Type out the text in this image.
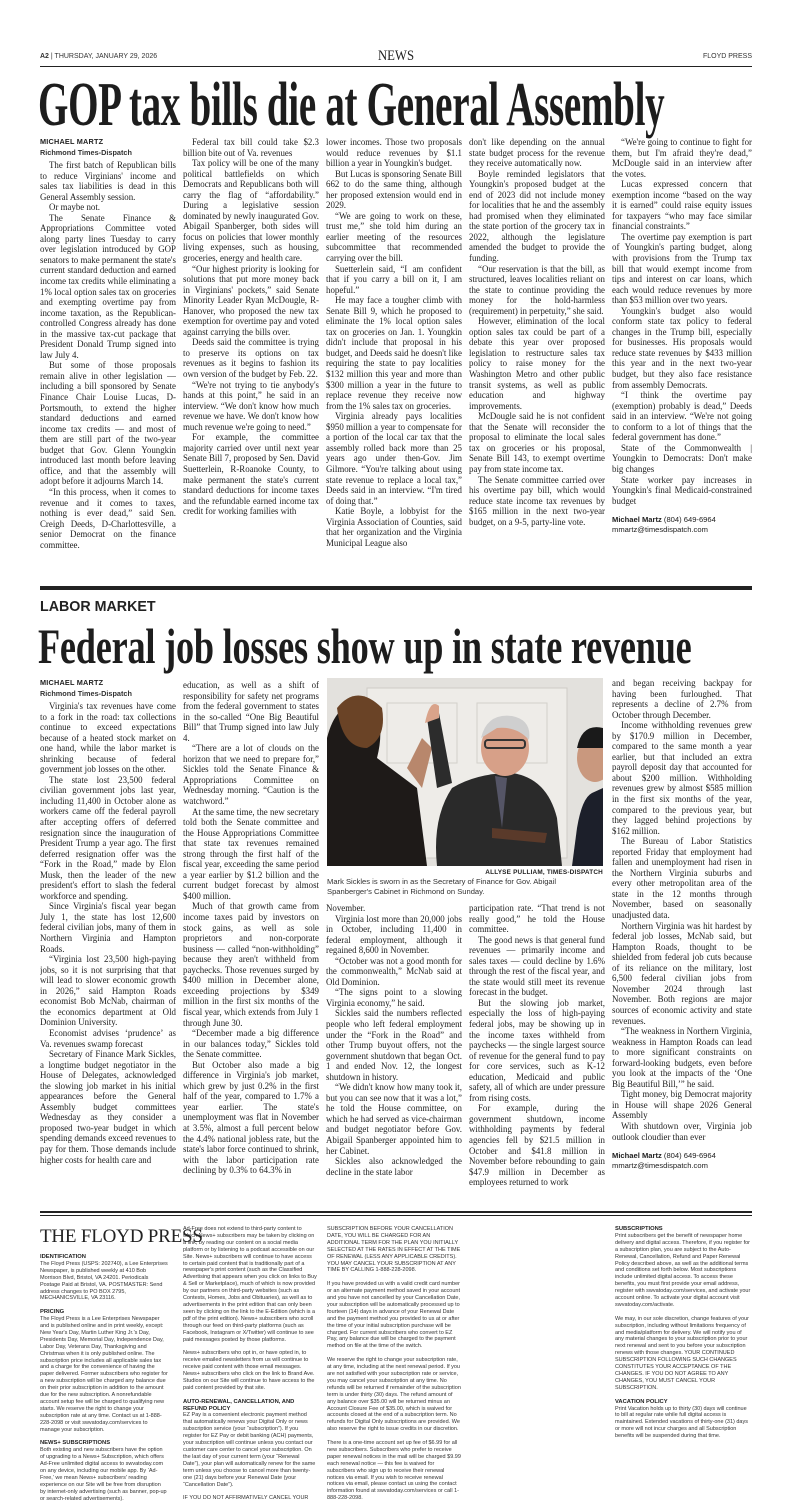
A2 | THURSDAY, JANUARY 29, 2026	NEWS	FLOYD PRESS
GOP tax bills die at General Assembly
MICHAEL MARTZ
Richmond Times-Dispatch

The first batch of Republican bills to reduce Virginians' income and sales tax liabilities is dead in this General Assembly session.

Or maybe not.

The Senate Finance & Appropriations Committee voted along party lines Tuesday to carry over legislation introduced by GOP senators to make permanent the state's current standard deduction and earned income tax credits while eliminating a 1% local option sales tax on groceries and exempting overtime pay from income taxation, as the Republican-controlled Congress already has done in the massive tax-cut package that President Donald Trump signed into law July 4.

But some of those proposals remain alive in other legislation — including a bill sponsored by Senate Finance Chair Louise Lucas, D-Portsmouth, to extend the higher standard deductions and earned income tax credits — and most of them are still part of the two-year budget that Gov. Glenn Youngkin introduced last month before leaving office, and that the assembly will adopt before it adjourns March 14.

“In this process, when it comes to revenue and it comes to taxes, nothing is ever dead,” said Sen. Creigh Deeds, D-Charlottesville, a senior Democrat on the finance committee.

Federal tax bill could take $2.3 billion bite out of Va. revenues

Tax policy will be one of the many political battlefields on which Democrats and Republicans both will carry the flag of “affordability.” During a legislative session dominated by newly inaugurated Gov. Abigail Spanberger, both sides will focus on policies that lower monthly living expenses, such as housing, groceries, energy and health care.

“Our highest priority is looking for solutions that put more money back in Virginians' pockets,” said Senate Minority Leader Ryan McDougle, R-Hanover, who proposed the new tax exemption for overtime pay and voted against carrying the bills over.

Deeds said the committee is trying to preserve its options on tax revenues as it begins to fashion its own version of the budget by Feb. 22.

“We're not trying to tie anybody's hands at this point,” he said in an interview. “We don't know how much revenue we have. We don't know how much revenue we're going to need.”

For example, the committee majority carried over until next year Senate Bill 7, proposed by Sen. David Suetterlein, R-Roanoke County, to make permanent the state's current standard deductions for income taxes and the refundable earned income tax credit for working families with

lower incomes. Those two proposals would reduce revenues by $1.1 billion a year in Youngkin's budget.

But Lucas is sponsoring Senate Bill 662 to do the same thing, although her proposed extension would end in 2029.

“We are going to work on these, trust me,” she told him during an earlier meeting of the resources subcommittee that recommended carrying over the bill.

Suetterlein said, “I am confident that if you carry a bill on it, I am hopeful.”

He may face a tougher climb with Senate Bill 9, which he proposed to eliminate the 1% local option sales tax on groceries on Jan. 1. Youngkin didn't include that proposal in his budget, and Deeds said he doesn't like requiring the state to pay localities $132 million this year and more than $300 million a year in the future to replace revenue they receive now from the 1% sales tax on groceries.

Virginia already pays localities $950 million a year to compensate for a portion of the local car tax that the assembly rolled back more than 25 years ago under then-Gov. Jim Gilmore. “You're talking about using state revenue to replace a local tax,” Deeds said in an interview. “I'm tired of doing that.”

Katie Boyle, a lobbyist for the Virginia Association of Counties, said that her organization and the Virginia Municipal League also

don't like depending on the annual state budget process for the revenue they receive automatically now.

Boyle reminded legislators that Youngkin's proposed budget at the end of 2023 did not include money for localities that he and the assembly had promised when they eliminated the state portion of the grocery tax in 2022, although the legislature amended the budget to provide the funding.

“Our reservation is that the bill, as structured, leaves localities reliant on the state to continue providing the money for the hold-harmless (requirement) in perpetuity,” she said.

However, elimination of the local option sales tax could be part of a debate this year over proposed legislation to restructure sales tax policy to raise money for the Washington Metro and other public transit systems, as well as public education and highway improvements.

McDougle said he is not confident that the Senate will reconsider the proposal to eliminate the local sales tax on groceries or his proposal, Senate Bill 143, to exempt overtime pay from state income tax.

The Senate committee carried over his overtime pay bill, which would reduce state income tax revenues by $165 million in the next two-year budget, on a 9-5, party-line vote.

“We're going to continue to fight for them, but I'm afraid they're dead,” McDougle said in an interview after the votes.

Lucas expressed concern that exemption income “based on the way it is earned” could raise equity issues for taxpayers “who may face similar financial constraints.”

The overtime pay exemption is part of Youngkin's parting budget, along with provisions from the Trump tax bill that would exempt income from tips and interest on car loans, which each would reduce revenues by more than $53 million over two years.

Youngkin's budget also would conform state tax policy to federal changes in the Trump bill, especially for businesses. His proposals would reduce state revenues by $433 million this year and in the next two-year budget, but they also face resistance from assembly Democrats.

“I think the overtime pay (exemption) probably is dead,” Deeds said in an interview. “We're not going to conform to a lot of things that the federal government has done.”

State of the Commonwealth | Youngkin to Democrats: Don't make big changes

State worker pay increases in Youngkin's final Medicaid-constrained budget

Michael Martz (804) 649-6964
mmartz@timesdispatch.com
LABOR MARKET
Federal job losses show up in state revenue
MICHAEL MARTZ
Richmond Times-Dispatch

Virginia's tax revenues have come to a fork in the road: tax collections continue to exceed expectations because of a heated stock market on one hand, while the labor market is shrinking because of federal government job losses on the other.

The state lost 23,500 federal civilian government jobs last year, including 11,400 in October alone as workers came off the federal payroll after accepting offers of deferred resignation since the inauguration of President Trump a year ago. The first deferred resignation offer was the “Fork in the Road,” made by Elon Musk, then the leader of the new president's effort to slash the federal workforce and spending.

Since Virginia's fiscal year began July 1, the state has lost 12,600 federal civilian jobs, many of them in Northern Virginia and Hampton Roads.

“Virginia lost 23,500 high-paying jobs, so it is not surprising that that will lead to slower economic growth in 2026,” said Hampton Roads economist Bob McNab, chairman of the economics department at Old Dominion University.

Economist advises ‘prudence’ as Va. revenues swamp forecast

Secretary of Finance Mark Sickles, a longtime budget negotiator in the House of Delegates, acknowledged the slowing job market in his initial appearances before the General Assembly budget committees Wednesday as they consider a proposed two-year budget in which spending demands exceed revenues to pay for them. Those demands include higher costs for health care and

education, as well as a shift of responsibility for safety net programs from the federal government to states in the so-called “One Big Beautiful Bill” that Trump signed into law July 4.

“There are a lot of clouds on the horizon that we need to prepare for,” Sickles told the Senate Finance & Appropriations Committee on Wednesday morning. “Caution is the watchword.”

At the same time, the new secretary told both the Senate committee and the House Appropriations Committee that state tax revenues remained strong through the first half of the fiscal year, exceeding the same period a year earlier by $1.2 billion and the current budget forecast by almost $400 million.

Much of that growth came from income taxes paid by investors on stock gains, as well as sole proprietors and non-corporate business — called “non-withholding” because they aren't withheld from paychecks. Those revenues surged by $400 million in December alone, exceeding projections by $349 million in the first six months of the fiscal year, which extends from July 1 through June 30.

“December made a big difference in our balances today,” Sickles told the Senate committee.

But October also made a big difference in Virginia's job market, which grew by just 0.2% in the first half of the year, compared to 1.7% a year earlier. The state's unemployment was flat in November at 3.5%, almost a full percent below the 4.4% national jobless rate, but the state's labor force continued to shrink, with the labor participation rate declining by 0.3% to 64.3% in

ALLYSE PULLIAM, TIMES-DISPATCH
Mark Sickles is sworn in as the Secretary of Finance for Gov. Abigail Spanberger's Cabinet in Richmond on Sunday.

November.

Virginia lost more than 20,000 jobs in October, including 11,400 in federal employment, although it regained 8,600 in November.

“October was not a good month for the commonwealth,” McNab said at Old Dominion.

“The signs point to a slowing Virginia economy,” he said.

Sickles said the numbers reflected people who left federal employment under the “Fork in the Road” and other Trump buyout offers, not the government shutdown that began Oct. 1 and ended Nov. 12, the longest shutdown in history.

“We didn't know how many took it, but you can see now that it was a lot,” he told the House committee, on which he had served as vice-chairman and budget negotiator before Gov. Abigail Spanberger appointed him to her Cabinet.

Sickles also acknowledged the decline in the state labor

participation rate. “That trend is not really good,” he told the House committee.

The good news is that general fund revenues — primarily income and sales taxes — could decline by 1.6% through the rest of the fiscal year, and the state would still meet its revenue forecast in the budget.

But the slowing job market, especially the loss of high-paying federal jobs, may be showing up in the income taxes withheld from paychecks — the single largest source of revenue for the general fund to pay for core services, such as K-12 education, Medicaid and public safety, all of which are under pressure from rising costs.

For example, during the government shutdown, income withholding payments by federal agencies fell by $21.5 million in October and $41.8 million in November before rebounding to gain $47.9 million in December as employees returned to work

and began receiving backpay for having been furloughed. That represents a decline of 2.7% from October through December.

Income withholding revenues grew by $170.9 million in December, compared to the same month a year earlier, but that included an extra payroll deposit day that accounted for about $200 million. Withholding revenues grew by almost $585 million in the first six months of the year, compared to the previous year, but they lagged behind projections by $162 million.

The Bureau of Labor Statistics reported Friday that employment had fallen and unemployment had risen in the Northern Virginia suburbs and every other metropolitan area of the state in the 12 months through November, based on seasonally unadjusted data.

Northern Virginia was hit hardest by federal job losses, McNab said, but Hampton Roads, thought to be shielded from federal job cuts because of its reliance on the military, lost 6,500 federal civilian jobs from November 2024 through last November. Both regions are major sources of economic activity and state revenues.

“The weakness in Northern Virginia, weakness in Hampton Roads can lead to more significant constraints on forward-looking budgets, even before you look at the impacts of the ‘One Big Beautiful Bill,’” he said.

Tight money, big Democrat majority in House will shape 2026 General Assembly

With shutdown over, Virginia job outlook cloudier than ever

Michael Martz (804) 649-6964
mmartz@timesdispatch.com
THE FLOYD PRESS
IDENTIFICATION

The Floyd Press (USPS: 202740), a Lee Enterprises Newspaper, is published weekly at 410 Bob Morrison Blvd, Bristol, VA 24201. Periodicals Postage Paid at Bristol, VA. POSTMASTER: Send address changes to PO BOX 2795, MECHANICSVILLE, VA 23116.

PRICING

The Floyd Press is a Lee Enterprises Newspaper and is published online and in print weekly, except: New Year's Day, Martin Luther King Jr.'s Day, Presidents Day, Memorial Day, Independence Day, Labor Day, Veterans Day, Thanksgiving and Christmas when it is only published online. The subscription price includes all applicable sales tax and a charge for the convenience of having the paper delivered. Former subscribers who register for a new subscription will be charged any balance due on their prior subscription in addition to the amount due for the new subscription. A nonrefundable account setup fee will be charged to qualifying new starts. We reserve the right to change your subscription rate at any time. Contact us at 1-888-228-2098 or visit swvatoday.com/services to manage your subscription.

NEWS+ SUBSCRIPTIONS

Both existing and new subscribers have the option of upgrading to a News+ Subscription, which offers Ad-Free unlimited digital access to swvatoday.com on any device, including our mobile app. By ‘Ad-Free,’ we mean News+ subscribers' reading experience on our Site will be free from disruption by internet-only advertising (such as banner, pop-up or search-related advertisements).

Ad-Free does not extend to third-party content to which News+ subscribers may be taken by clicking on a link, by reading our content on a social media platform or by listening to a podcast accessible on our Site. News+ subscribers will continue to have access to certain paid content that is traditionally part of a newspaper's print content (such as the Classified Advertising that appears when you click on links to Buy & Sell or Marketplace), much of which is now provided by our partners on third-party websites (such as Contests, Homes, Jobs and Obituaries), as well as to advertisements in the print edition that can only been seen by clicking on the link to the E-Edition (which is a pdf of the print edition). News+ subscribers who scroll through our feed on third-party platforms (such as Facebook, Instagram or X/Twitter) will continue to see paid messages posted by those platforms.

News+ subscribers who opt in, or have opted in, to receive emailed newsletters from us will continue to receive paid content with those email messages. News+ subscribers who click on the link to Brand Ave. Studios on our Site will continue to have access to the paid content provided by that site.

AUTO-RENEWAL, CANCELLATION, AND REFUND POLICY

EZ Pay is a convenient electronic payment method that automatically renews your Digital Only or news subscription service (your “subscription”). If you register for EZ Pay or debit banking (ACH) payments, your subscription will continue unless you contact our customer care center to cancel your subscription. On the last day of your current term (your “Renewal Date”), your plan will automatically renew for the same term unless you choose to cancel more than twenty-one (21) days before your Renewal Date (your “Cancellation Date”).

IF YOU DO NOT AFFIRMATIVELY CANCEL YOUR

SUBSCRIPTION BEFORE YOUR CANCELLATION DATE, YOU WILL BE CHARGED FOR AN ADDITIONAL TERM FOR THE PLAN YOU INITIALLY SELECTED AT THE RATES IN EFFECT AT THE TIME OF RENEWAL (LESS ANY APPLICABLE CREDITS). YOU MAY CANCEL YOUR SUBSCRIPTION AT ANY TIME BY CALLING 1-888-228-2098.

If you have provided us with a valid credit card number or an alternate payment method saved in your account and you have not cancelled by your Cancellation Date, your subscription will be automatically processed up to fourteen (14) days in advance of your Renewal Date and the payment method you provided to us at or after the time of your initial subscription purchase will be charged. For current subscribers who convert to EZ Pay, any balance due will be charged to the payment method on file at the time of the switch.

We reserve the right to change your subscription rate, at any time, including at the next renewal period. If you are not satisfied with your subscription rate or service, you may cancel your subscription at any time. No refunds will be returned if remainder of the subscription term is under thirty (30) days. The refund amount of any balance over $35.00 will be returned minus an Account Closure Fee of $35.00, which is waived for accounts closed at the end of a subscription term. No refunds for Digital Only subscriptions are provided. We also reserve the right to issue credits in our discretion.

There is a one-time account set up fee of $6.99 for all new subscribers. Subscribers who prefer to receive paper renewal notices in the mail will be charged $9.99 each renewal notice — this fee is waived for subscribers who sign up to receive their renewal notices via email. If you wish to receive renewal notices via email, please contact us using the contact information found at swvatoday.com/services or call 1-888-228-2098.

SUBSCRIPTIONS

Print subscribers get the benefit of newspaper home delivery and digital access. Therefore, if you register for a subscription plan, you are subject to the Auto-Renewal, Cancellation, Refund and Paper Renewal Policy described above, as well as the additional terms and conditions set forth below. Most subscriptions include unlimited digital access. To access these benefits, you must first provide your email address, register with swvatoday.com/services, and activate your account online. To activate your digital account visit swvatoday.com/activate.

We may, in our sole discretion, change features of your subscription, including without limitations frequency of and media/platform for delivery. We will notify you of any material changes to your subscription prior to your next renewal and sent to you before your subscription renews with those changes. YOUR CONTINUED SUBSCRIPTION FOLLOWING SUCH CHANGES CONSTITUTES YOUR ACCEPTANCE OF THE CHANGES. IF YOU DO NOT AGREE TO ANY CHANGES, YOU MUST CANCEL YOUR SUBSCRIPTION.

VACATION POLICY

Print Vacation holds up to thirty (30) days will continue to bill at regular rate while full digital access is maintained. Extended vacations of thirty-one (31) days or more will not incur charges and all Subscription benefits will be suspended during that time.
